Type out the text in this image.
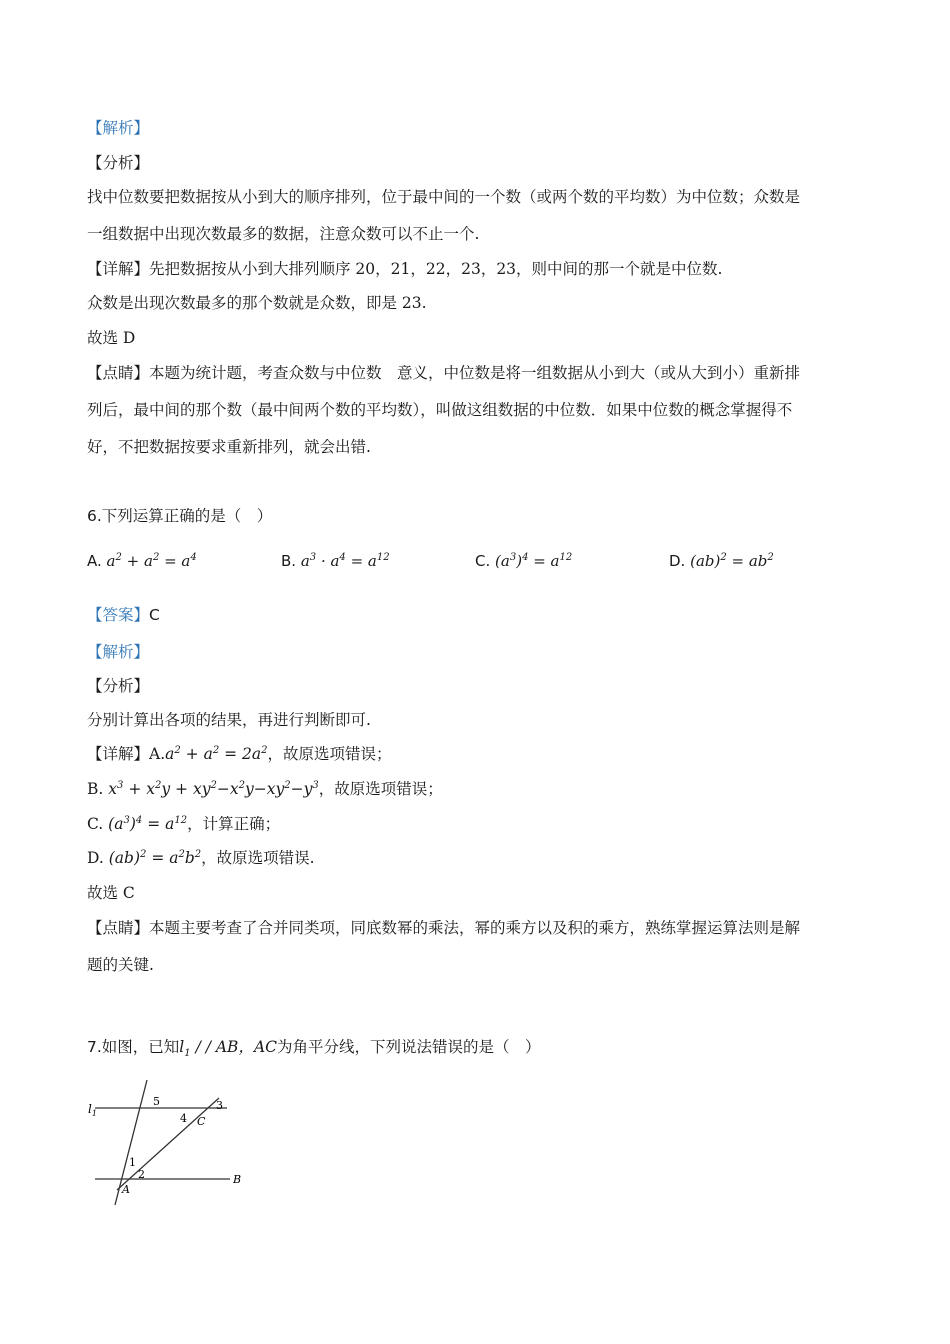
【解析】
【分析】
找中位数要把数据按从小到大的顺序排列，位于最中间的一个数（或两个数的平均数）为中位数；众数是
一组数据中出现次数最多的数据，注意众数可以不止一个.
【详解】先把数据按从小到大排列顺序 20，21，22，23，23，则中间的那一个就是中位数.
众数是出现次数最多的那个数就是众数，即是 23.
故选 D
【点睛】本题为统计题，考查众数与中位数　意义，中位数是将一组数据从小到大（或从大到小）重新排
列后，最中间的那个数（最中间两个数的平均数），叫做这组数据的中位数．如果中位数的概念掌握得不
好，不把数据按要求重新排列，就会出错.
6.下列运算正确的是（　）
A. $a^2 + a^2 = a^4$	B. $a^3 \cdot a^4 = a^{12}$	C. $(a^3)^4 = a^{12}$	D. $(ab)^2 = ab^2$
【答案】C
【解析】
【分析】
分别计算出各项的结果，再进行判断即可.
【详解】$A.a^2 + a^2 = 2a^2$，故原选项错误；
B. $x^3 + x^2y + xy^2-x^2y-xy^2-y^3$，故原选项错误；
C. $(a^3)^4 = a^{12}$，计算正确；
D. $(ab)^2 = a^2b^2$，故原选项错误.
故选 C
【点睛】本题主要考查了合并同类项，同底数幂的乘法，幂的乘方以及积的乘方，熟练掌握运算法则是解
题的关键.
7.如图，已知$l_1$ / / AB，AC为角平分线，下列说法错误的是（　）
$l_1$
5	3
4 C
1
2
A
B
